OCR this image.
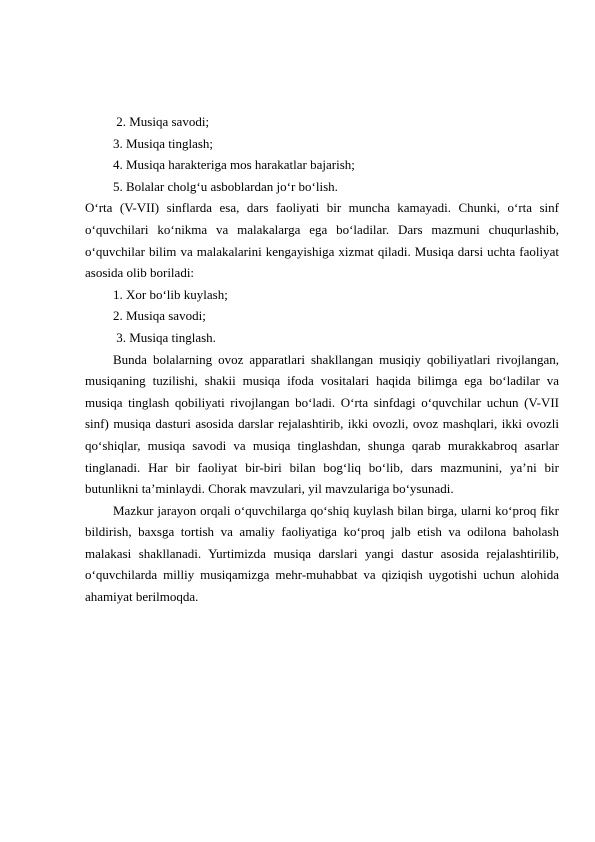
2. Musiqa savodi;

3. Musiqa tinglash;

4. Musiqa harakteriga mos harakatlar bajarish;

5. Bolalar cholg‘u asboblardan jo‘r bo‘lish.

O‘rta (V-VII) sinflarda esa, dars faoliyati bir muncha kamayadi. Chunki, o‘rta sinf o‘quvchilari ko‘nikma va malakalarga ega bo‘ladilar. Dars mazmuni chuqurlashib, o‘quvchilar bilim va malakalarini kengayishiga xizmat qiladi. Musiqa darsi uchta faoliyat asosida olib boriladi:

1. Xor bo‘lib kuylash;

2. Musiqa savodi;

3. Musiqa tinglash.

Bunda bolalarning ovoz apparatlari shakllangan musiqiy qobiliyatlari rivojlangan, musiqaning tuzilishi, shakii musiqa ifoda vositalari haqida bilimga ega bo‘ladilar va musiqa tinglash qobiliyati rivojlangan bo‘ladi. O‘rta sinfdagi o‘quvchilar uchun (V-VII sinf) musiqa dasturi asosida darslar rejalashtirib, ikki ovozli, ovoz mashqlari, ikki ovozli qo‘shiqlar, musiqa savodi va musiqa tinglashdan, shunga qarab murakkabroq asarlar tinglanadi. Har bir faoliyat bir-biri bilan bog‘liq bo‘lib, dars mazmunini, ya’ni bir butunlikni ta’minlaydi. Chorak mavzulari, yil mavzulariga bo‘ysunadi.

Mazkur jarayon orqali o‘quvchilarga qo‘shiq kuylash bilan birga, ularni ko‘proq fikr bildirish, baxsga tortish va amaliy faoliyatiga ko‘proq jalb etish va odilona baholash malakasi shakllanadi. Yurtimizda musiqa darslari yangi dastur asosida rejalashtirilib, o‘quvchilarda milliy musiqamizga mehr-muhabbat va qiziqish uygotishi uchun alohida ahamiyat berilmoqda.
